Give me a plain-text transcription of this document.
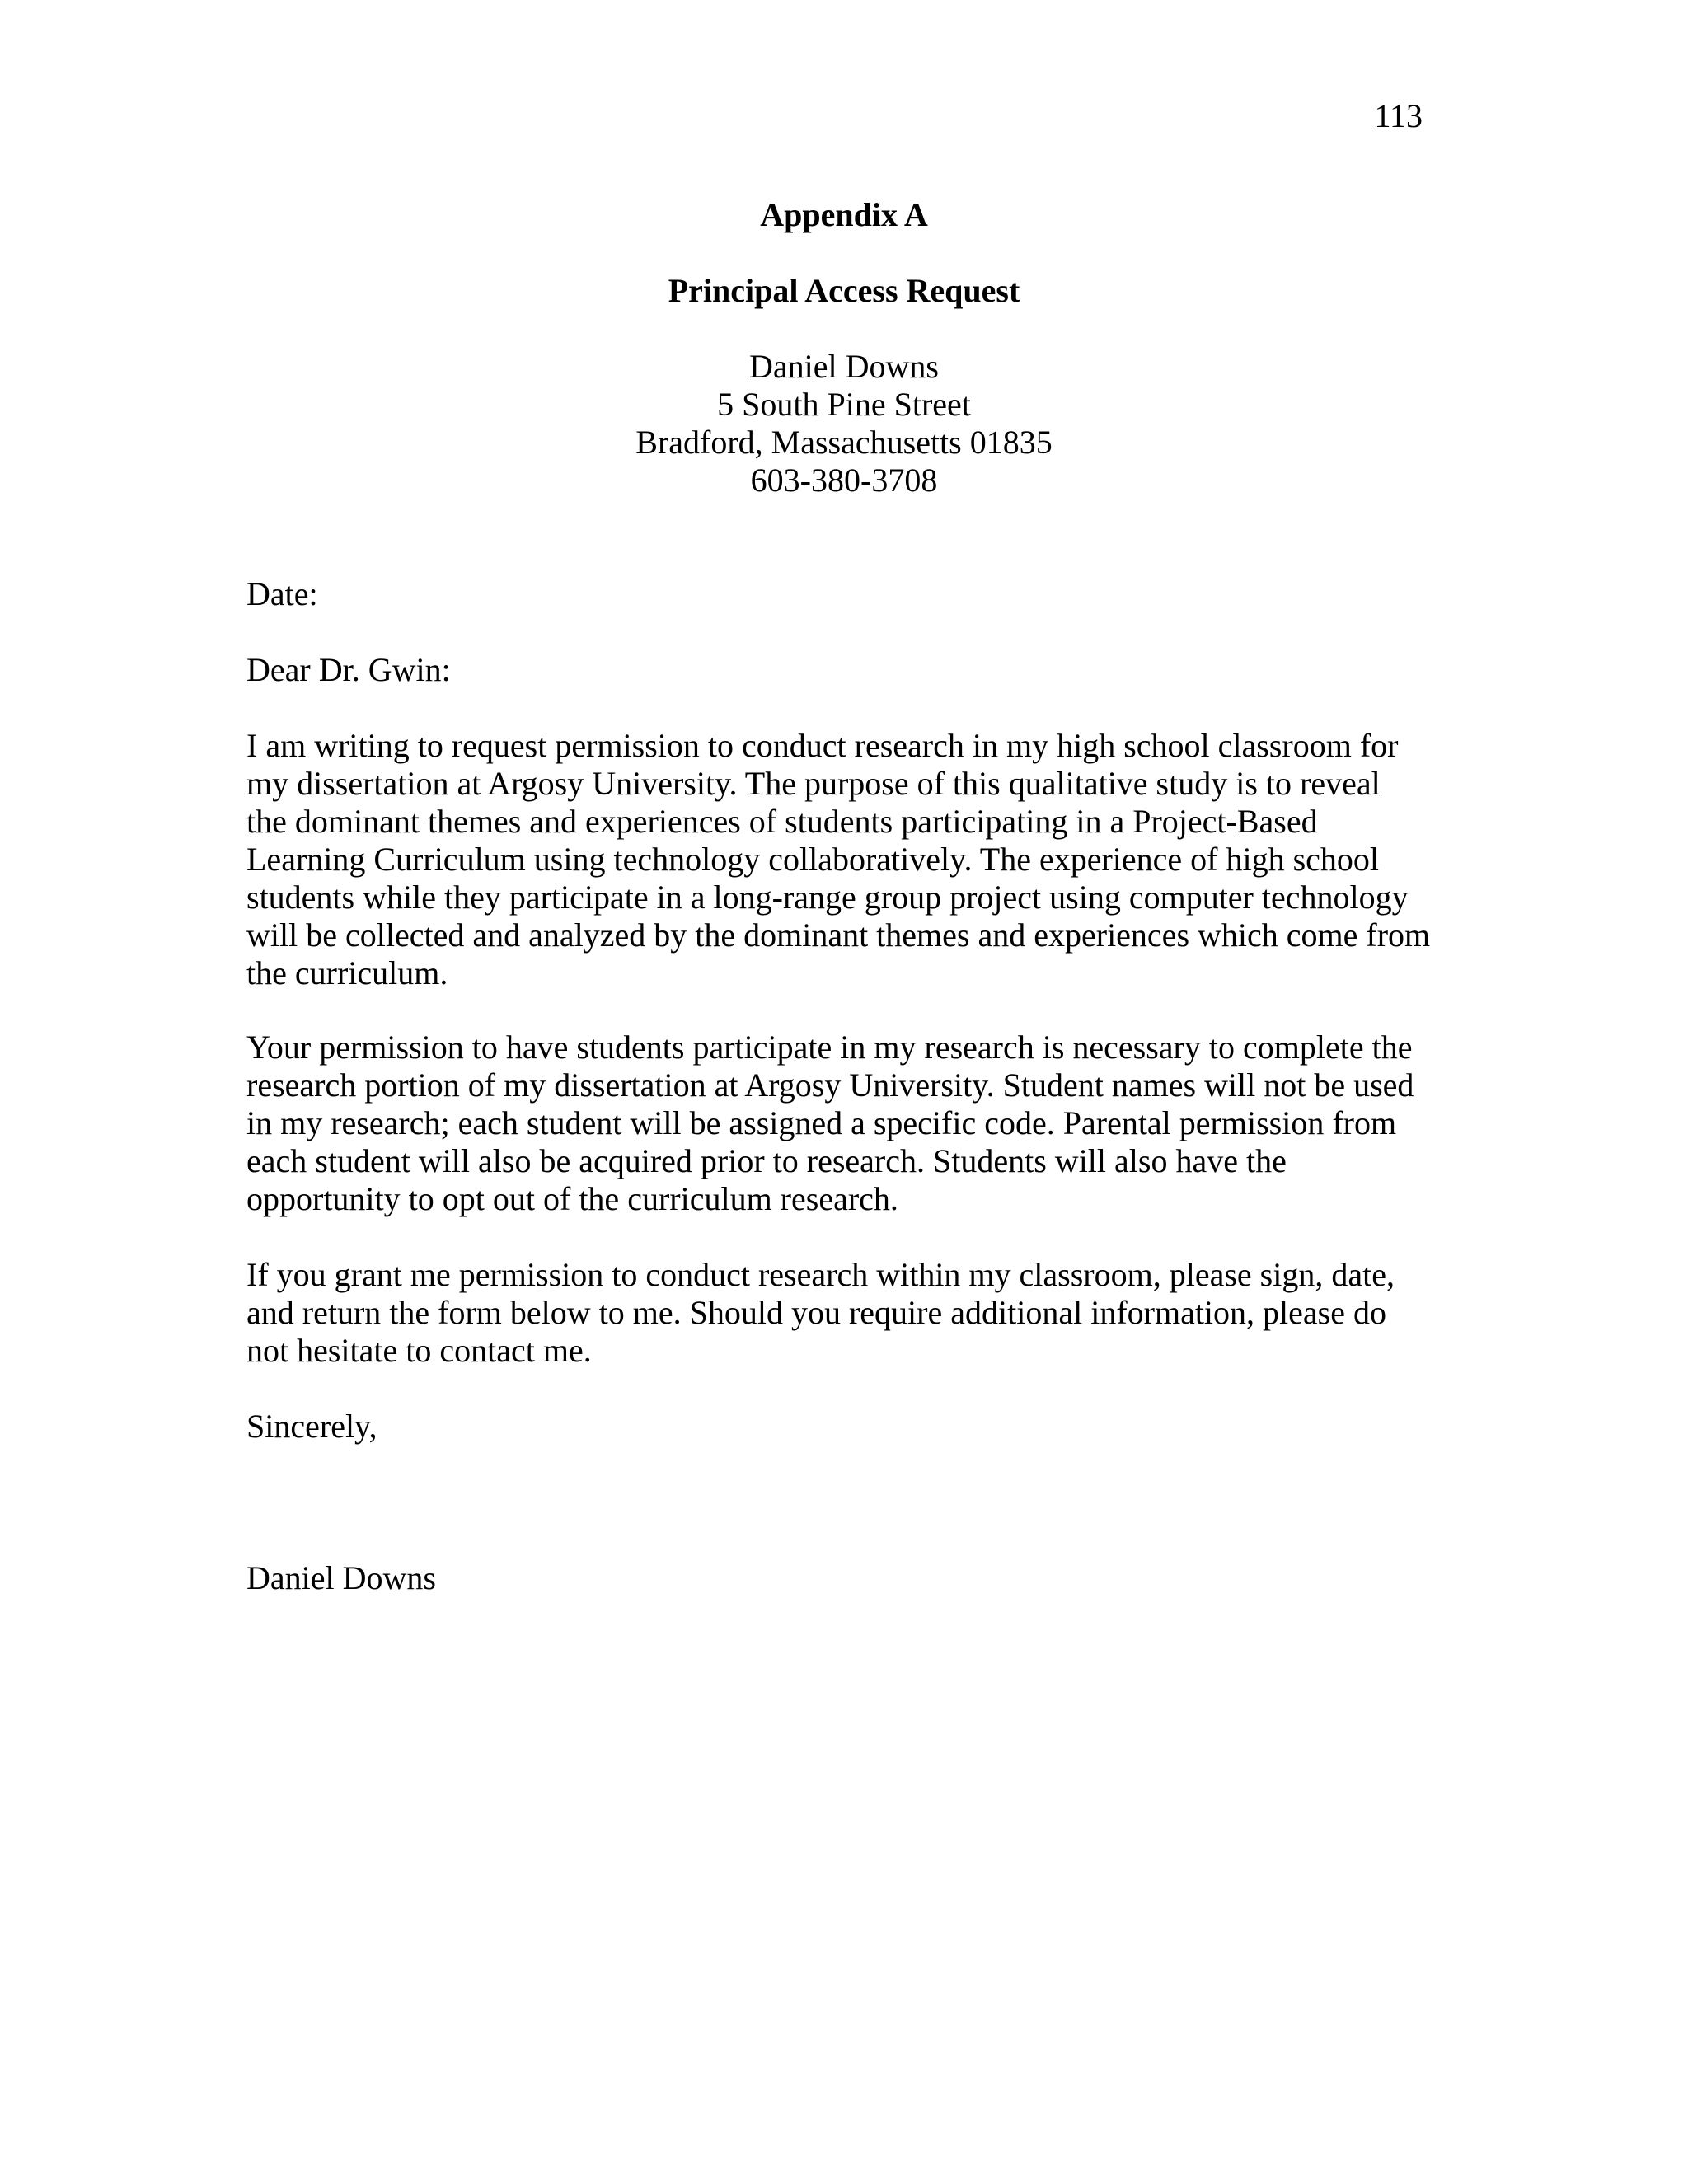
113
Appendix A
Principal Access Request
Daniel Downs
5 South Pine Street
Bradford, Massachusetts 01835
603-380-3708
Date:
Dear Dr. Gwin:
I am writing to request permission to conduct research in my high school classroom for
my dissertation at Argosy University. The purpose of this qualitative study is to reveal
the dominant themes and experiences of students participating in a Project-Based
Learning Curriculum using technology collaboratively. The experience of high school
students while they participate in a long-range group project using computer technology
will be collected and analyzed by the dominant themes and experiences which come from
the curriculum.
Your permission to have students participate in my research is necessary to complete the
research portion of my dissertation at Argosy University. Student names will not be used
in my research; each student will be assigned a specific code. Parental permission from
each student will also be acquired prior to research. Students will also have the
opportunity to opt out of the curriculum research.
If you grant me permission to conduct research within my classroom, please sign, date,
and return the form below to me. Should you require additional information, please do
not hesitate to contact me.
Sincerely,
Daniel Downs
